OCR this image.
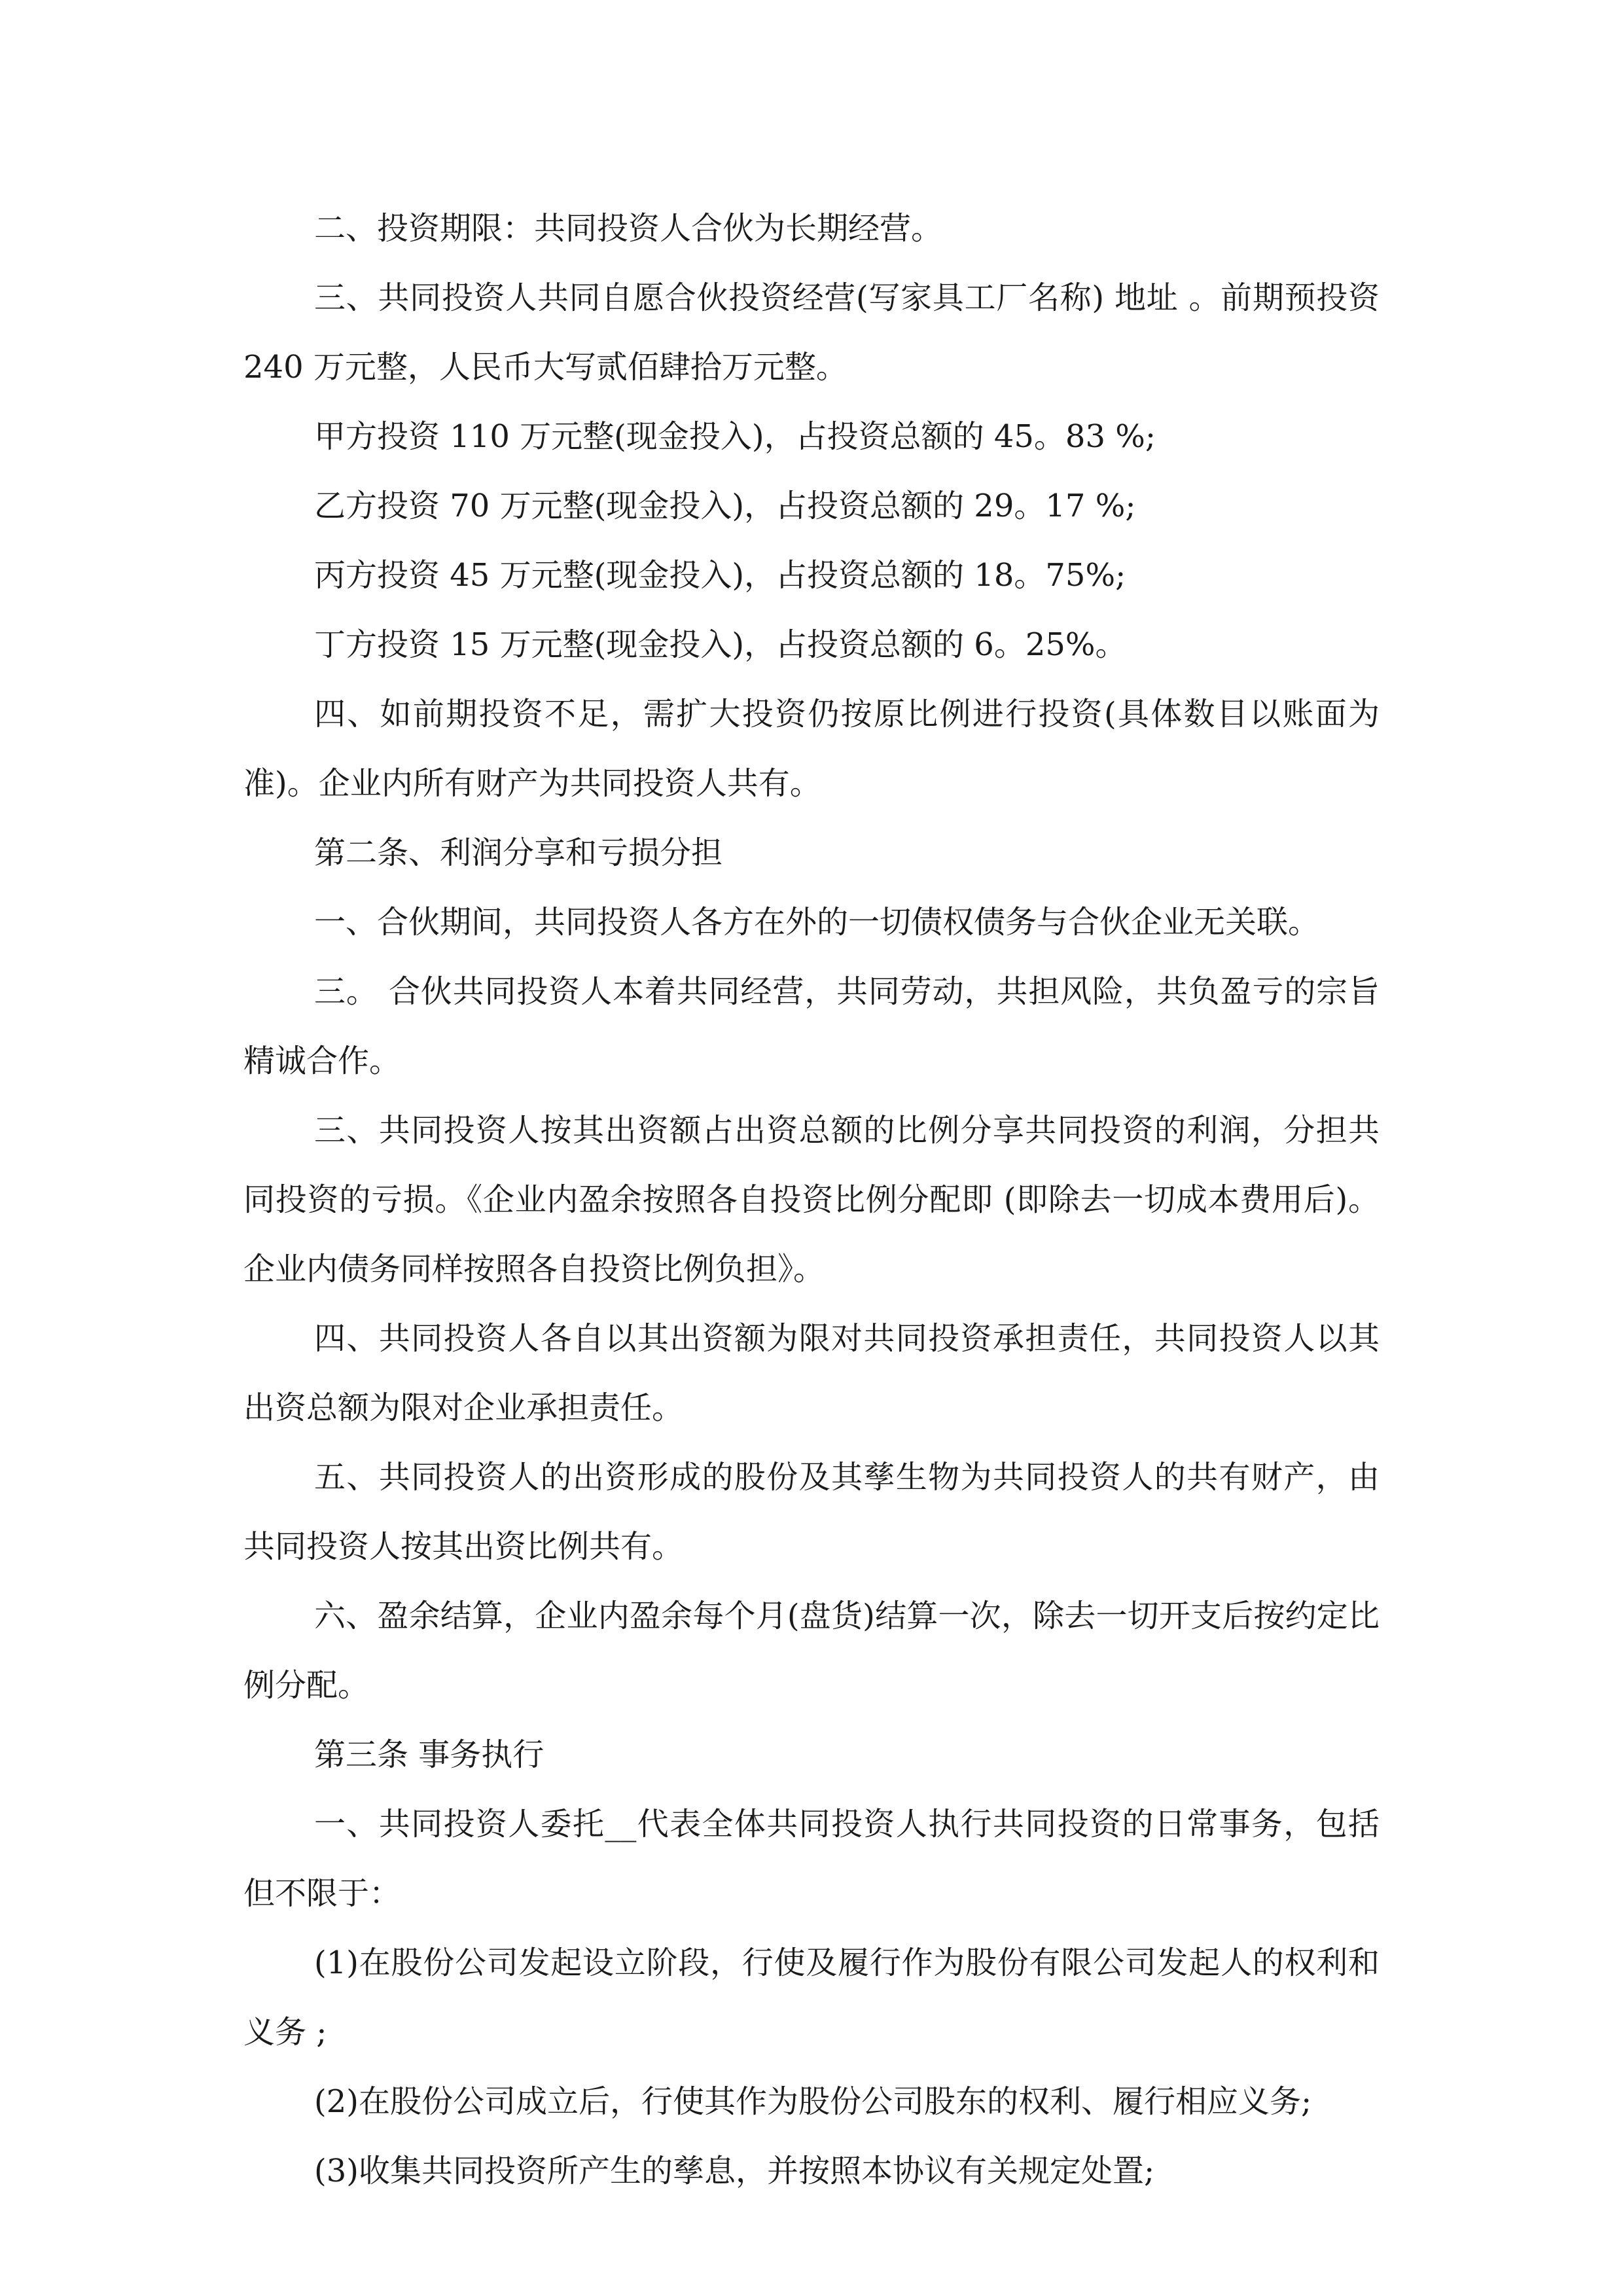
二、投资期限：共同投资人合伙为长期经营。

三、共同投资人共同自愿合伙投资经营(写家具工厂名称) 地址 。前期预投资 240 万元整，人民币大写贰佰肆拾万元整。

甲方投资 110 万元整(现金投入)，占投资总额的 45。83 %;

乙方投资 70 万元整(现金投入)，占投资总额的 29。17 %;

丙方投资 45 万元整(现金投入)，占投资总额的 18。75%;

丁方投资 15 万元整(现金投入)，占投资总额的 6。25%。

四、如前期投资不足，需扩大投资仍按原比例进行投资(具体数目以账面为准)。企业内所有财产为共同投资人共有。

第二条、利润分享和亏损分担

一、合伙期间，共同投资人各方在外的一切债权债务与合伙企业无关联。

三。 合伙共同投资人本着共同经营，共同劳动，共担风险，共负盈亏的宗旨精诚合作。

三、共同投资人按其出资额占出资总额的比例分享共同投资的利润，分担共同投资的亏损。《企业内盈余按照各自投资比例分配即 (即除去一切成本费用后)。企业内债务同样按照各自投资比例负担》。

四、共同投资人各自以其出资额为限对共同投资承担责任，共同投资人以其出资总额为限对企业承担责任。

五、共同投资人的出资形成的股份及其孳生物为共同投资人的共有财产，由共同投资人按其出资比例共有。

六、盈余结算，企业内盈余每个月(盘货)结算一次，除去一切开支后按约定比例分配。

第三条 事务执行

一、共同投资人委托__代表全体共同投资人执行共同投资的日常事务，包括但不限于：

(1)在股份公司发起设立阶段，行使及履行作为股份有限公司发起人的权利和义务 ;

(2)在股份公司成立后，行使其作为股份公司股东的权利、履行相应义务;

(3)收集共同投资所产生的孳息，并按照本协议有关规定处置;
